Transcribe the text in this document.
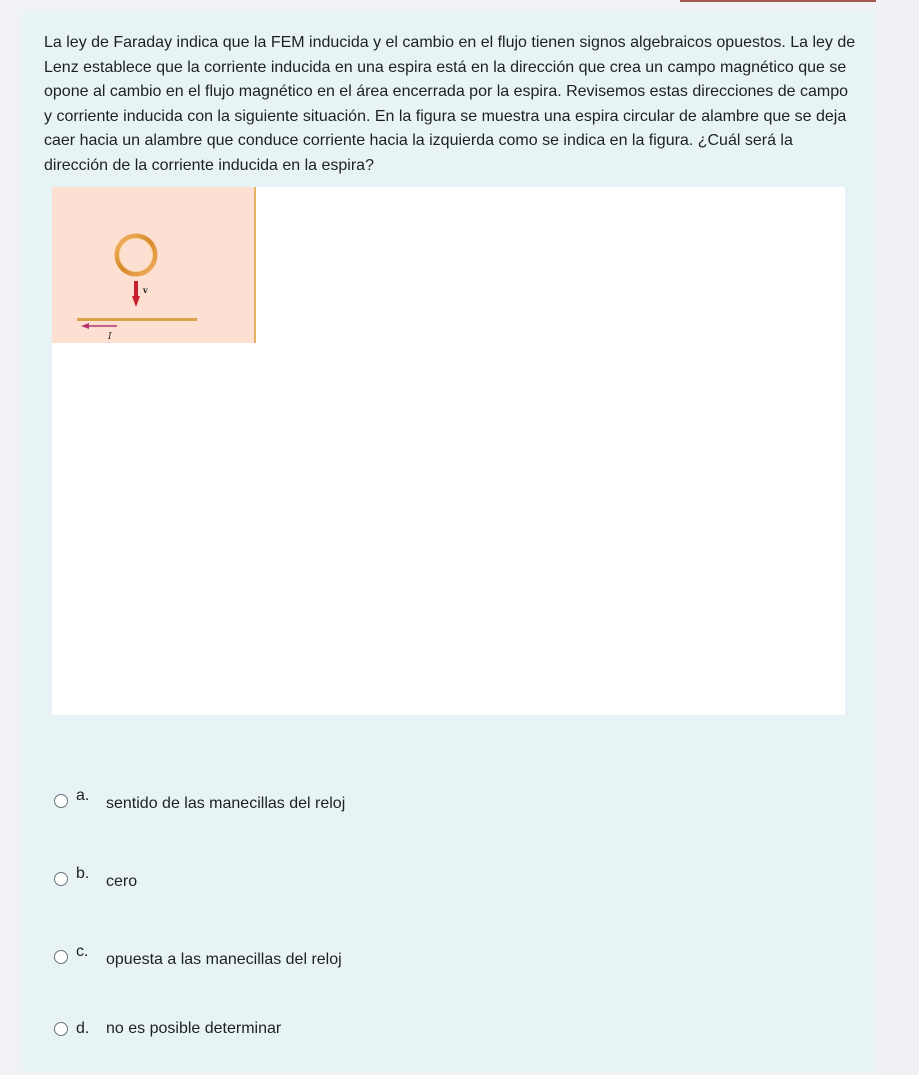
La ley de Faraday indica que la FEM inducida y el cambio en el flujo tienen signos algebraicos opuestos. La ley de Lenz establece que la corriente inducida en una espira está en la dirección que crea un campo magnético que se opone al cambio en el flujo magnético en el área encerrada por la espira. Revisemos estas direcciones de campo y corriente inducida con la siguiente situación. En la figura se muestra una espira circular de alambre que se deja caer hacia un alambre que conduce corriente hacia la izquierda como se indica en la figura. ¿Cuál será la dirección de la corriente inducida en la espira?

v
I
a. sentido de las manecillas del reloj
b. cero
c. opuesta a las manecillas del reloj
d. no es posible determinar
